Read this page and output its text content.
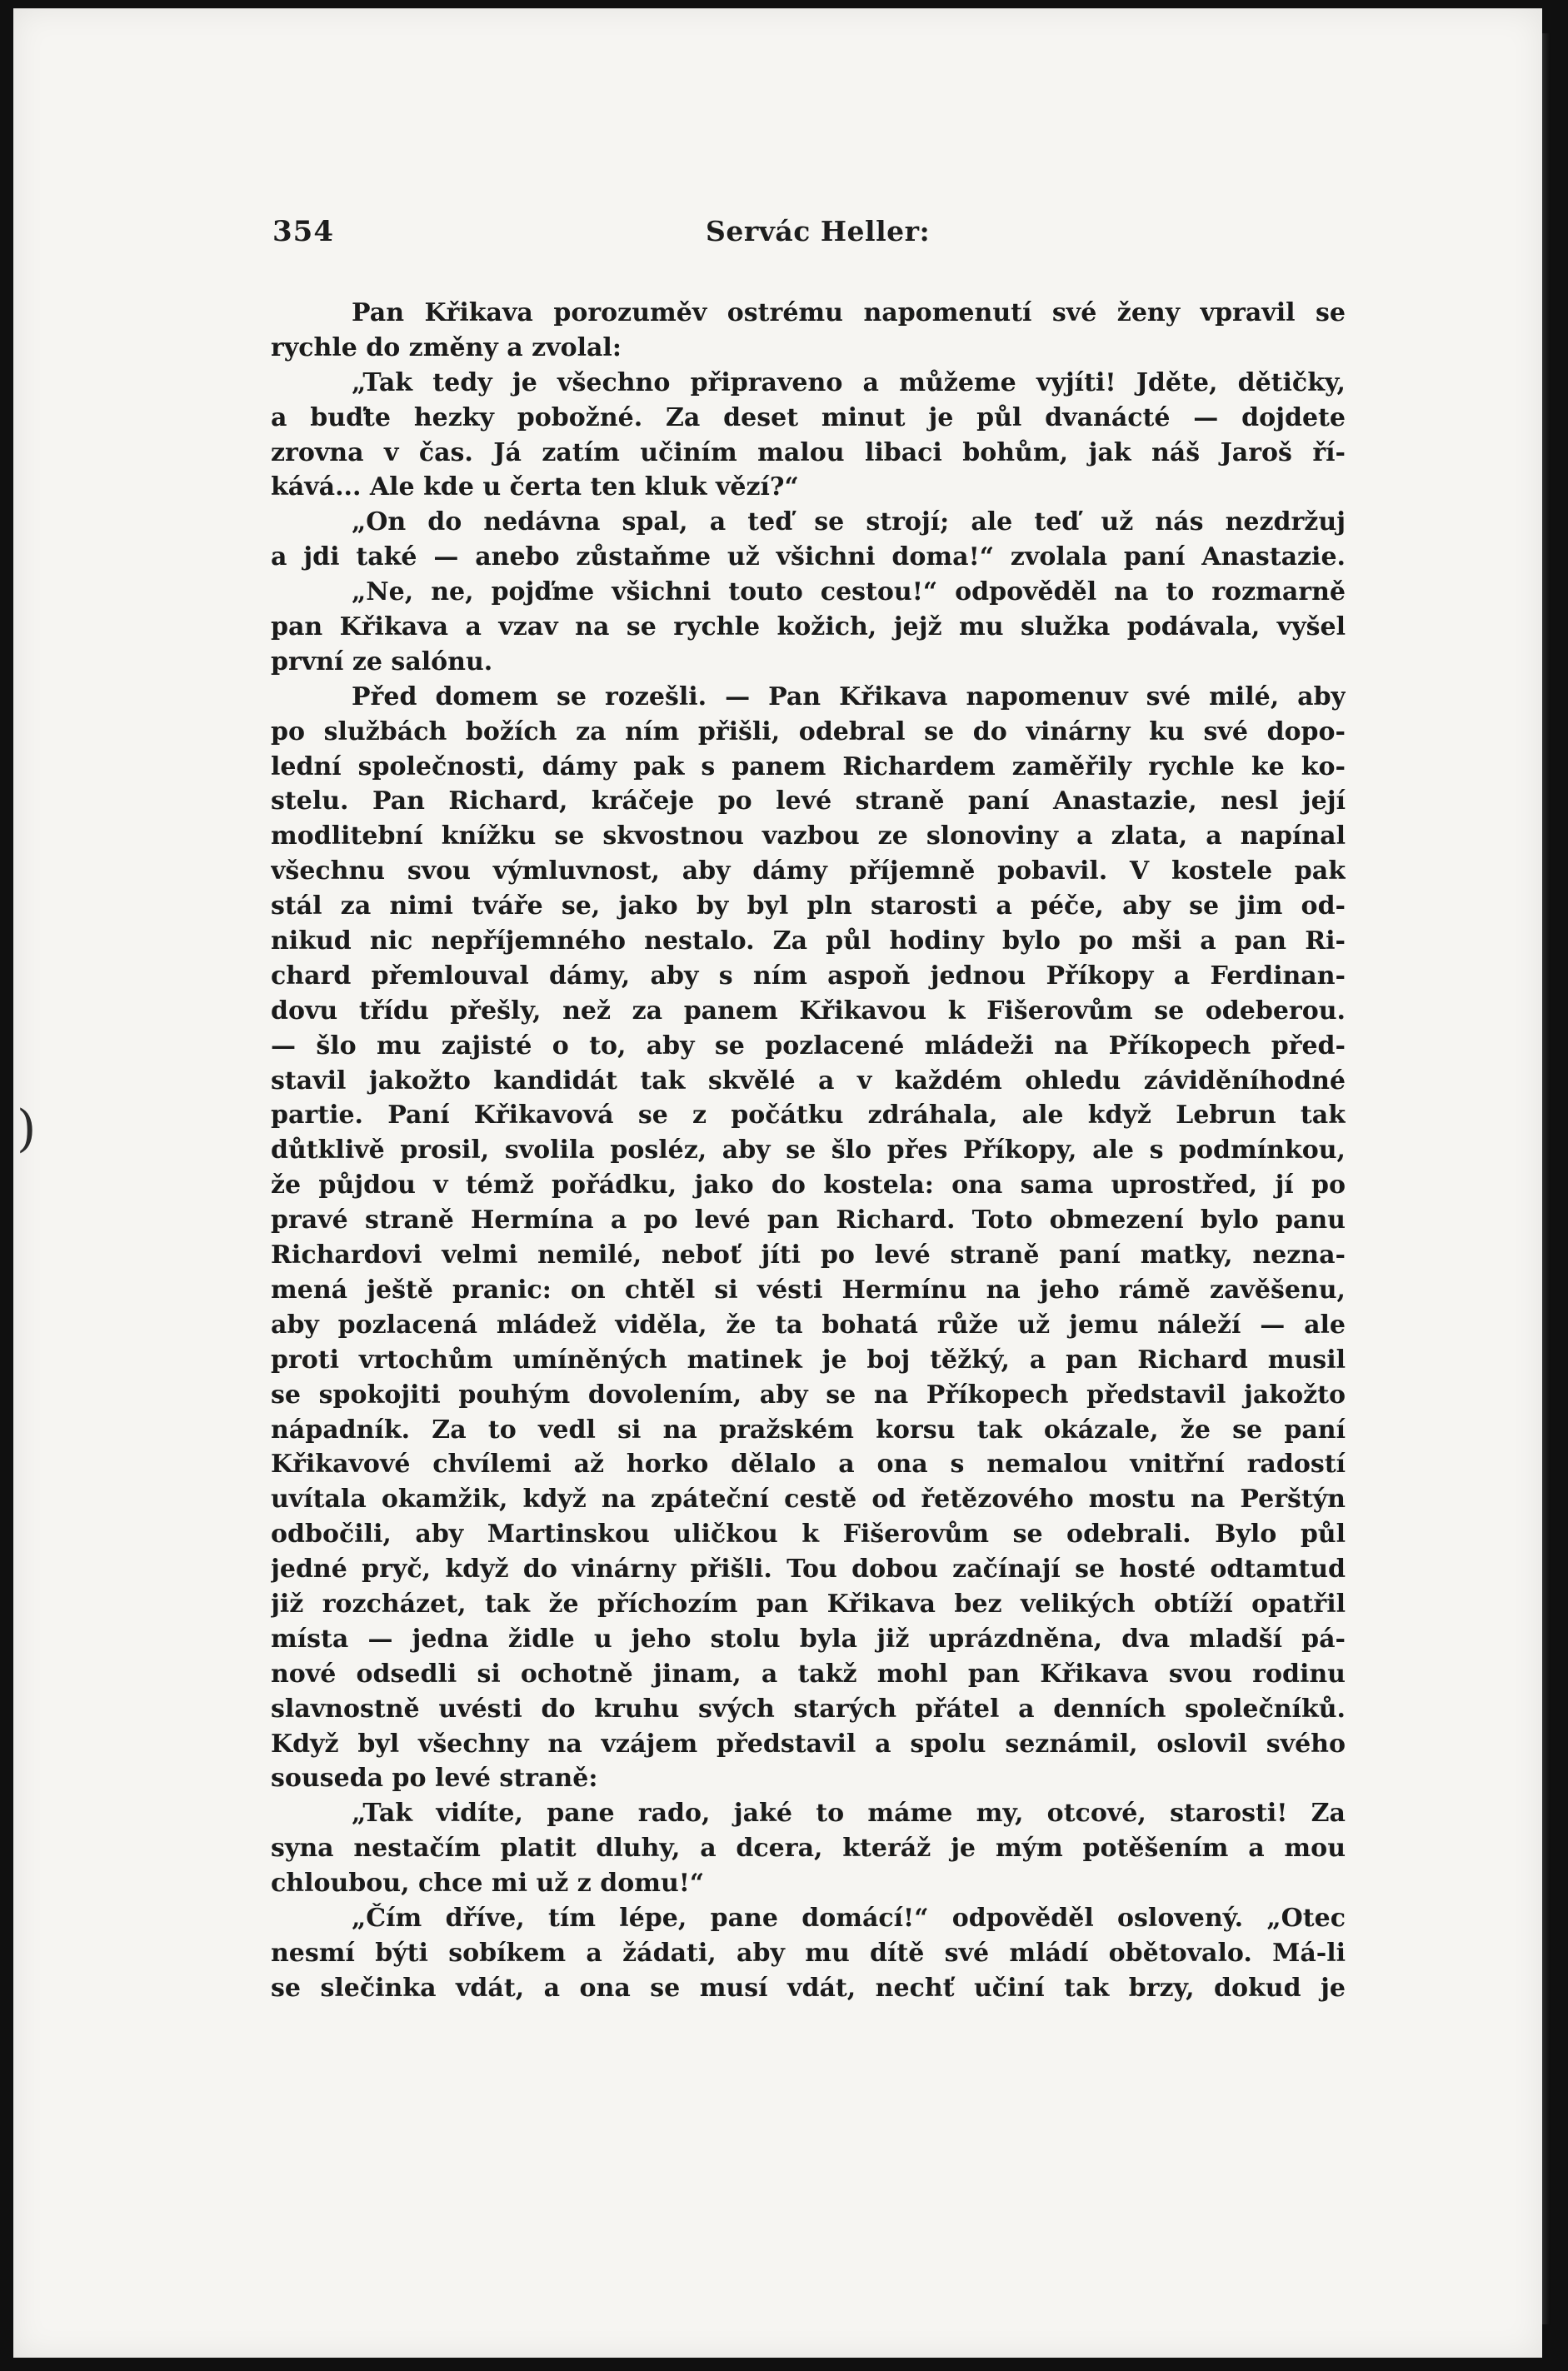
)
354	Servác Heller:
Pan Křikava porozuměv ostrému napomenutí své ženy vpravil se
rychle do změny a zvolal:
„Tak tedy je všechno připraveno a můžeme vyjíti! Jděte, dětičky,
a buďte hezky pobožné. Za deset minut je půl dvanácté — dojdete
zrovna v čas. Já zatím učiním malou libaci bohům, jak náš Jaroš ří-
kává... Ale kde u čerta ten kluk vězí?“
„On do nedávna spal, a teď se strojí; ale teď už nás nezdržuj
a jdi také — anebo zůstaňme už všichni doma!“ zvolala paní Anastazie.
„Ne, ne, pojďme všichni touto cestou!“ odpověděl na to rozmarně
pan Křikava a vzav na se rychle kožich, jejž mu služka podávala, vyšel
první ze salónu.
Před domem se rozešli. — Pan Křikava napomenuv své milé, aby
po službách božích za ním přišli, odebral se do vinárny ku své dopo-
lední společnosti, dámy pak s panem Richardem zaměřily rychle ke ko-
stelu. Pan Richard, kráčeje po levé straně paní Anastazie, nesl její
modlitební knížku se skvostnou vazbou ze slonoviny a zlata, a napínal
všechnu svou výmluvnost, aby dámy příjemně pobavil. V kostele pak
stál za nimi tváře se, jako by byl pln starosti a péče, aby se jim od-
nikud nic nepříjemného nestalo. Za půl hodiny bylo po mši a pan Ri-
chard přemlouval dámy, aby s ním aspoň jednou Příkopy a Ferdinan-
dovu třídu přešly, než za panem Křikavou k Fišerovům se odeberou.
— šlo mu zajisté o to, aby se pozlacené mládeži na Příkopech před-
stavil jakožto kandidát tak skvělé a v každém ohledu záviděníhodné
partie. Paní Křikavová se z počátku zdráhala, ale když Lebrun tak
důtklivě prosil, svolila posléz, aby se šlo přes Příkopy, ale s podmínkou,
že půjdou v témž pořádku, jako do kostela: ona sama uprostřed, jí po
pravé straně Hermína a po levé pan Richard. Toto obmezení bylo panu
Richardovi velmi nemilé, neboť jíti po levé straně paní matky, nezna-
mená ještě pranic: on chtěl si vésti Hermínu na jeho rámě zavěšenu,
aby pozlacená mládež viděla, že ta bohatá růže už jemu náleží — ale
proti vrtochům umíněných matinek je boj těžký, a pan Richard musil
se spokojiti pouhým dovolením, aby se na Příkopech představil jakožto
nápadník. Za to vedl si na pražském korsu tak okázale, že se paní
Křikavové chvílemi až horko dělalo a ona s nemalou vnitřní radostí
uvítala okamžik, když na zpáteční cestě od řetězového mostu na Perštýn
odbočili, aby Martinskou uličkou k Fišerovům se odebrali. Bylo půl
jedné pryč, když do vinárny přišli. Tou dobou začínají se hosté odtamtud
již rozcházet, tak že příchozím pan Křikava bez velikých obtíží opatřil
místa — jedna židle u jeho stolu byla již uprázdněna, dva mladší pá-
nové odsedli si ochotně jinam, a takž mohl pan Křikava svou rodinu
slavnostně uvésti do kruhu svých starých přátel a denních společníků.
Když byl všechny na vzájem představil a spolu seznámil, oslovil svého
souseda po levé straně:
„Tak vidíte, pane rado, jaké to máme my, otcové, starosti! Za
syna nestačím platit dluhy, a dcera, kteráž je mým potěšením a mou
chloubou, chce mi už z domu!“
„Čím dříve, tím lépe, pane domácí!“ odpověděl oslovený. „Otec
nesmí býti sobíkem a žádati, aby mu dítě své mládí obětovalo. Má-li
se slečinka vdát, a ona se musí vdát, nechť učiní tak brzy, dokud je
